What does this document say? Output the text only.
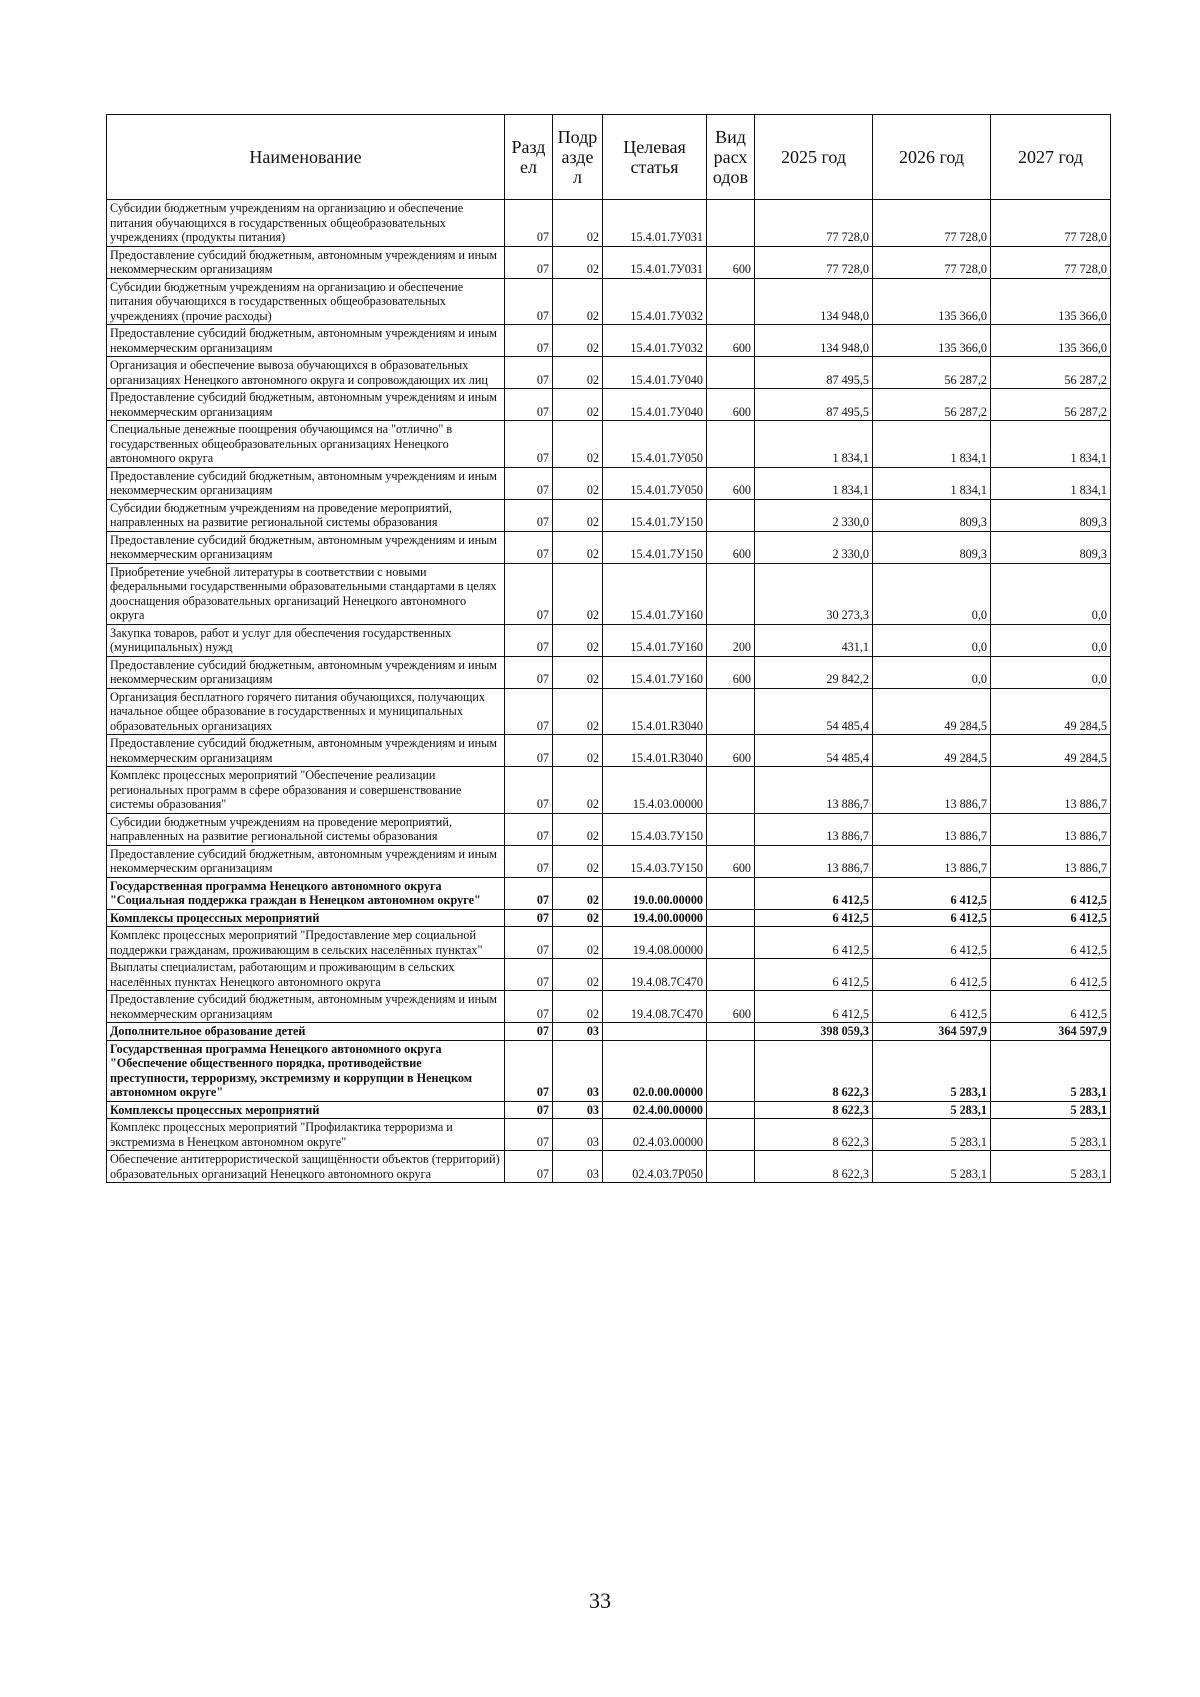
Наименование	Разд ел	Подр азде л	Целевая статья	Вид расх одов	2025 год	2026 год	2027 год
Субсидии бюджетным учреждениям на организацию и обеспечение питания обучающихся в государственных общеобразовательных учреждениях (продукты питания)	07	02	15.4.01.7У031		77 728,0	77 728,0	77 728,0
Предоставление субсидий бюджетным, автономным учреждениям и иным некоммерческим организациям	07	02	15.4.01.7У031	600	77 728,0	77 728,0	77 728,0
Субсидии бюджетным учреждениям на организацию и обеспечение питания обучающихся в государственных общеобразовательных учреждениях (прочие расходы)	07	02	15.4.01.7У032		134 948,0	135 366,0	135 366,0
Предоставление субсидий бюджетным, автономным учреждениям и иным некоммерческим организациям	07	02	15.4.01.7У032	600	134 948,0	135 366,0	135 366,0
Организация и обеспечение вывоза обучающихся в образовательных организациях Ненецкого автономного округа и сопровождающих их лиц	07	02	15.4.01.7У040		87 495,5	56 287,2	56 287,2
Предоставление субсидий бюджетным, автономным учреждениям и иным некоммерческим организациям	07	02	15.4.01.7У040	600	87 495,5	56 287,2	56 287,2
Специальные денежные поощрения обучающимся на "отлично" в государственных общеобразовательных организациях Ненецкого автономного округа	07	02	15.4.01.7У050		1 834,1	1 834,1	1 834,1
Предоставление субсидий бюджетным, автономным учреждениям и иным некоммерческим организациям	07	02	15.4.01.7У050	600	1 834,1	1 834,1	1 834,1
Субсидии бюджетным учреждениям на проведение мероприятий, направленных на развитие региональной системы образования	07	02	15.4.01.7У150		2 330,0	809,3	809,3
Предоставление субсидий бюджетным, автономным учреждениям и иным некоммерческим организациям	07	02	15.4.01.7У150	600	2 330,0	809,3	809,3
Приобретение учебной литературы в соответствии с новыми федеральными государственными образовательными стандартами в целях дооснащения образовательных организаций Ненецкого автономного округа	07	02	15.4.01.7У160		30 273,3	0,0	0,0
Закупка товаров, работ и услуг для обеспечения государственных (муниципальных) нужд	07	02	15.4.01.7У160	200	431,1	0,0	0,0
Предоставление субсидий бюджетным, автономным учреждениям и иным некоммерческим организациям	07	02	15.4.01.7У160	600	29 842,2	0,0	0,0
Организация бесплатного горячего питания обучающихся, получающих начальное общее образование в государственных и муниципальных образовательных организациях	07	02	15.4.01.R3040		54 485,4	49 284,5	49 284,5
Предоставление субсидий бюджетным, автономным учреждениям и иным некоммерческим организациям	07	02	15.4.01.R3040	600	54 485,4	49 284,5	49 284,5
Комплекс процессных мероприятий "Обеспечение реализации региональных программ в сфере образования и совершенствование системы образования"	07	02	15.4.03.00000		13 886,7	13 886,7	13 886,7
Субсидии бюджетным учреждениям на проведение мероприятий, направленных на развитие региональной системы образования	07	02	15.4.03.7У150		13 886,7	13 886,7	13 886,7
Предоставление субсидий бюджетным, автономным учреждениям и иным некоммерческим организациям	07	02	15.4.03.7У150	600	13 886,7	13 886,7	13 886,7
Государственная программа Ненецкого автономного округа "Социальная поддержка граждан в Ненецком автономном округе"	07	02	19.0.00.00000		6 412,5	6 412,5	6 412,5
Комплексы процессных мероприятий	07	02	19.4.00.00000		6 412,5	6 412,5	6 412,5
Комплекс процессных мероприятий "Предоставление мер социальной поддержки гражданам, проживающим в сельских населённых пунктах"	07	02	19.4.08.00000		6 412,5	6 412,5	6 412,5
Выплаты специалистам, работающим и проживающим в сельских населённых пунктах Ненецкого автономного округа	07	02	19.4.08.7С470		6 412,5	6 412,5	6 412,5
Предоставление субсидий бюджетным, автономным учреждениям и иным некоммерческим организациям	07	02	19.4.08.7С470	600	6 412,5	6 412,5	6 412,5
Дополнительное образование детей	07	03			398 059,3	364 597,9	364 597,9
Государственная программа Ненецкого автономного округа "Обеспечение общественного порядка, противодействие преступности, терроризму, экстремизму и коррупции в Ненецком автономном округе"	07	03	02.0.00.00000		8 622,3	5 283,1	5 283,1
Комплексы процессных мероприятий	07	03	02.4.00.00000		8 622,3	5 283,1	5 283,1
Комплекс процессных мероприятий "Профилактика терроризма и экстремизма в Ненецком автономном округе"	07	03	02.4.03.00000		8 622,3	5 283,1	5 283,1
Обеспечение антитеррористической защищённости объектов (территорий) образовательных организаций Ненецкого автономного округа	07	03	02.4.03.7Р050		8 622,3	5 283,1	5 283,1
33
